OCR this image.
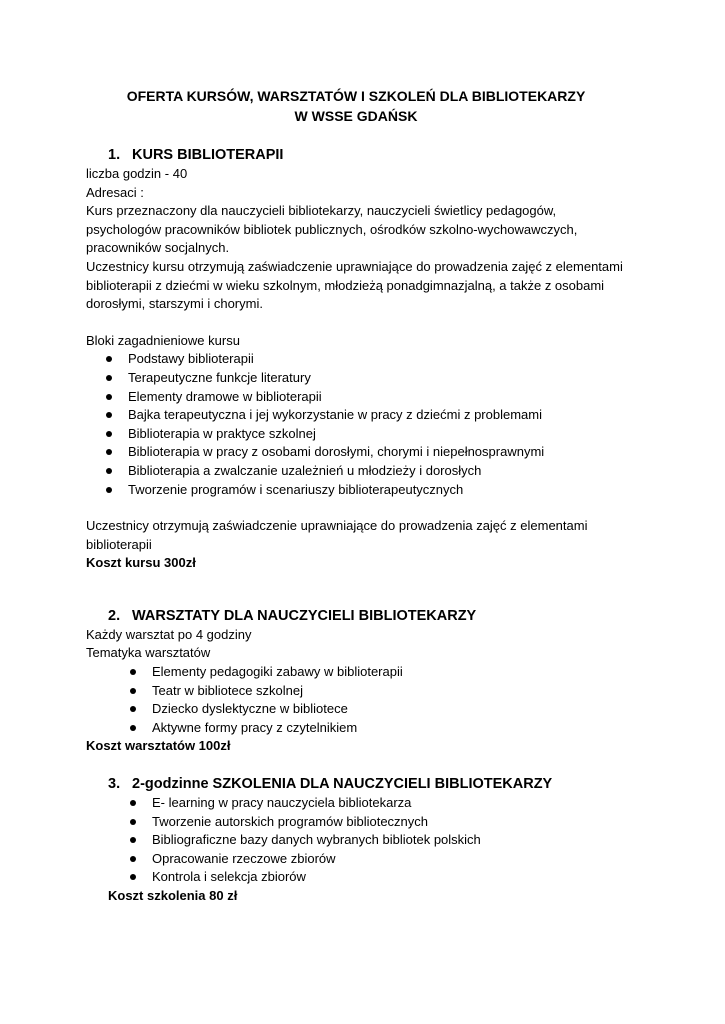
OFERTA KURSÓW, WARSZTATÓW I SZKOLEŃ DLA BIBLIOTEKARZY

W WSSE GDAŃSK

1. KURS BIBLIOTERAPII

liczba godzin - 40

Adresaci :

Kurs przeznaczony dla nauczycieli bibliotekarzy, nauczycieli świetlicy pedagogów,

psychologów pracowników bibliotek publicznych, ośrodków szkolno-wychowawczych,

pracowników socjalnych.

Uczestnicy kursu otrzymują zaświadczenie uprawniające do prowadzenia zajęć z elementami

biblioterapii z dziećmi w wieku szkolnym, młodzieżą ponadgimnazjalną, a także z osobami

dorosłymi, starszymi i chorymi.

Bloki zagadnieniowe kursu

Podstawy biblioterapii
Terapeutyczne funkcje literatury
Elementy dramowe w biblioterapii
Bajka terapeutyczna i jej wykorzystanie w pracy z dziećmi z problemami
Biblioterapia w praktyce szkolnej
Biblioterapia w pracy z osobami dorosłymi, chorymi i niepełnosprawnymi
Biblioterapia a zwalczanie uzależnień u młodzieży i dorosłych
Tworzenie programów i scenariuszy biblioterapeutycznych

Uczestnicy otrzymują zaświadczenie uprawniające do prowadzenia zajęć z elementami

biblioterapii

Koszt kursu 300zł

2. WARSZTATY DLA NAUCZYCIELI BIBLIOTEKARZY

Każdy warsztat po 4 godziny

Tematyka warsztatów

Elementy pedagogiki zabawy w biblioterapii
Teatr w bibliotece szkolnej
Dziecko dyslektyczne w bibliotece
Aktywne formy pracy z czytelnikiem

Koszt warsztatów 100zł

3. 2-godzinne SZKOLENIA DLA NAUCZYCIELI BIBLIOTEKARZY
E- learning w pracy nauczyciela bibliotekarza
Tworzenie autorskich programów bibliotecznych
Bibliograficzne bazy danych wybranych bibliotek polskich
Opracowanie rzeczowe zbiorów
Kontrola i selekcja zbiorów

Koszt szkolenia 80 zł
